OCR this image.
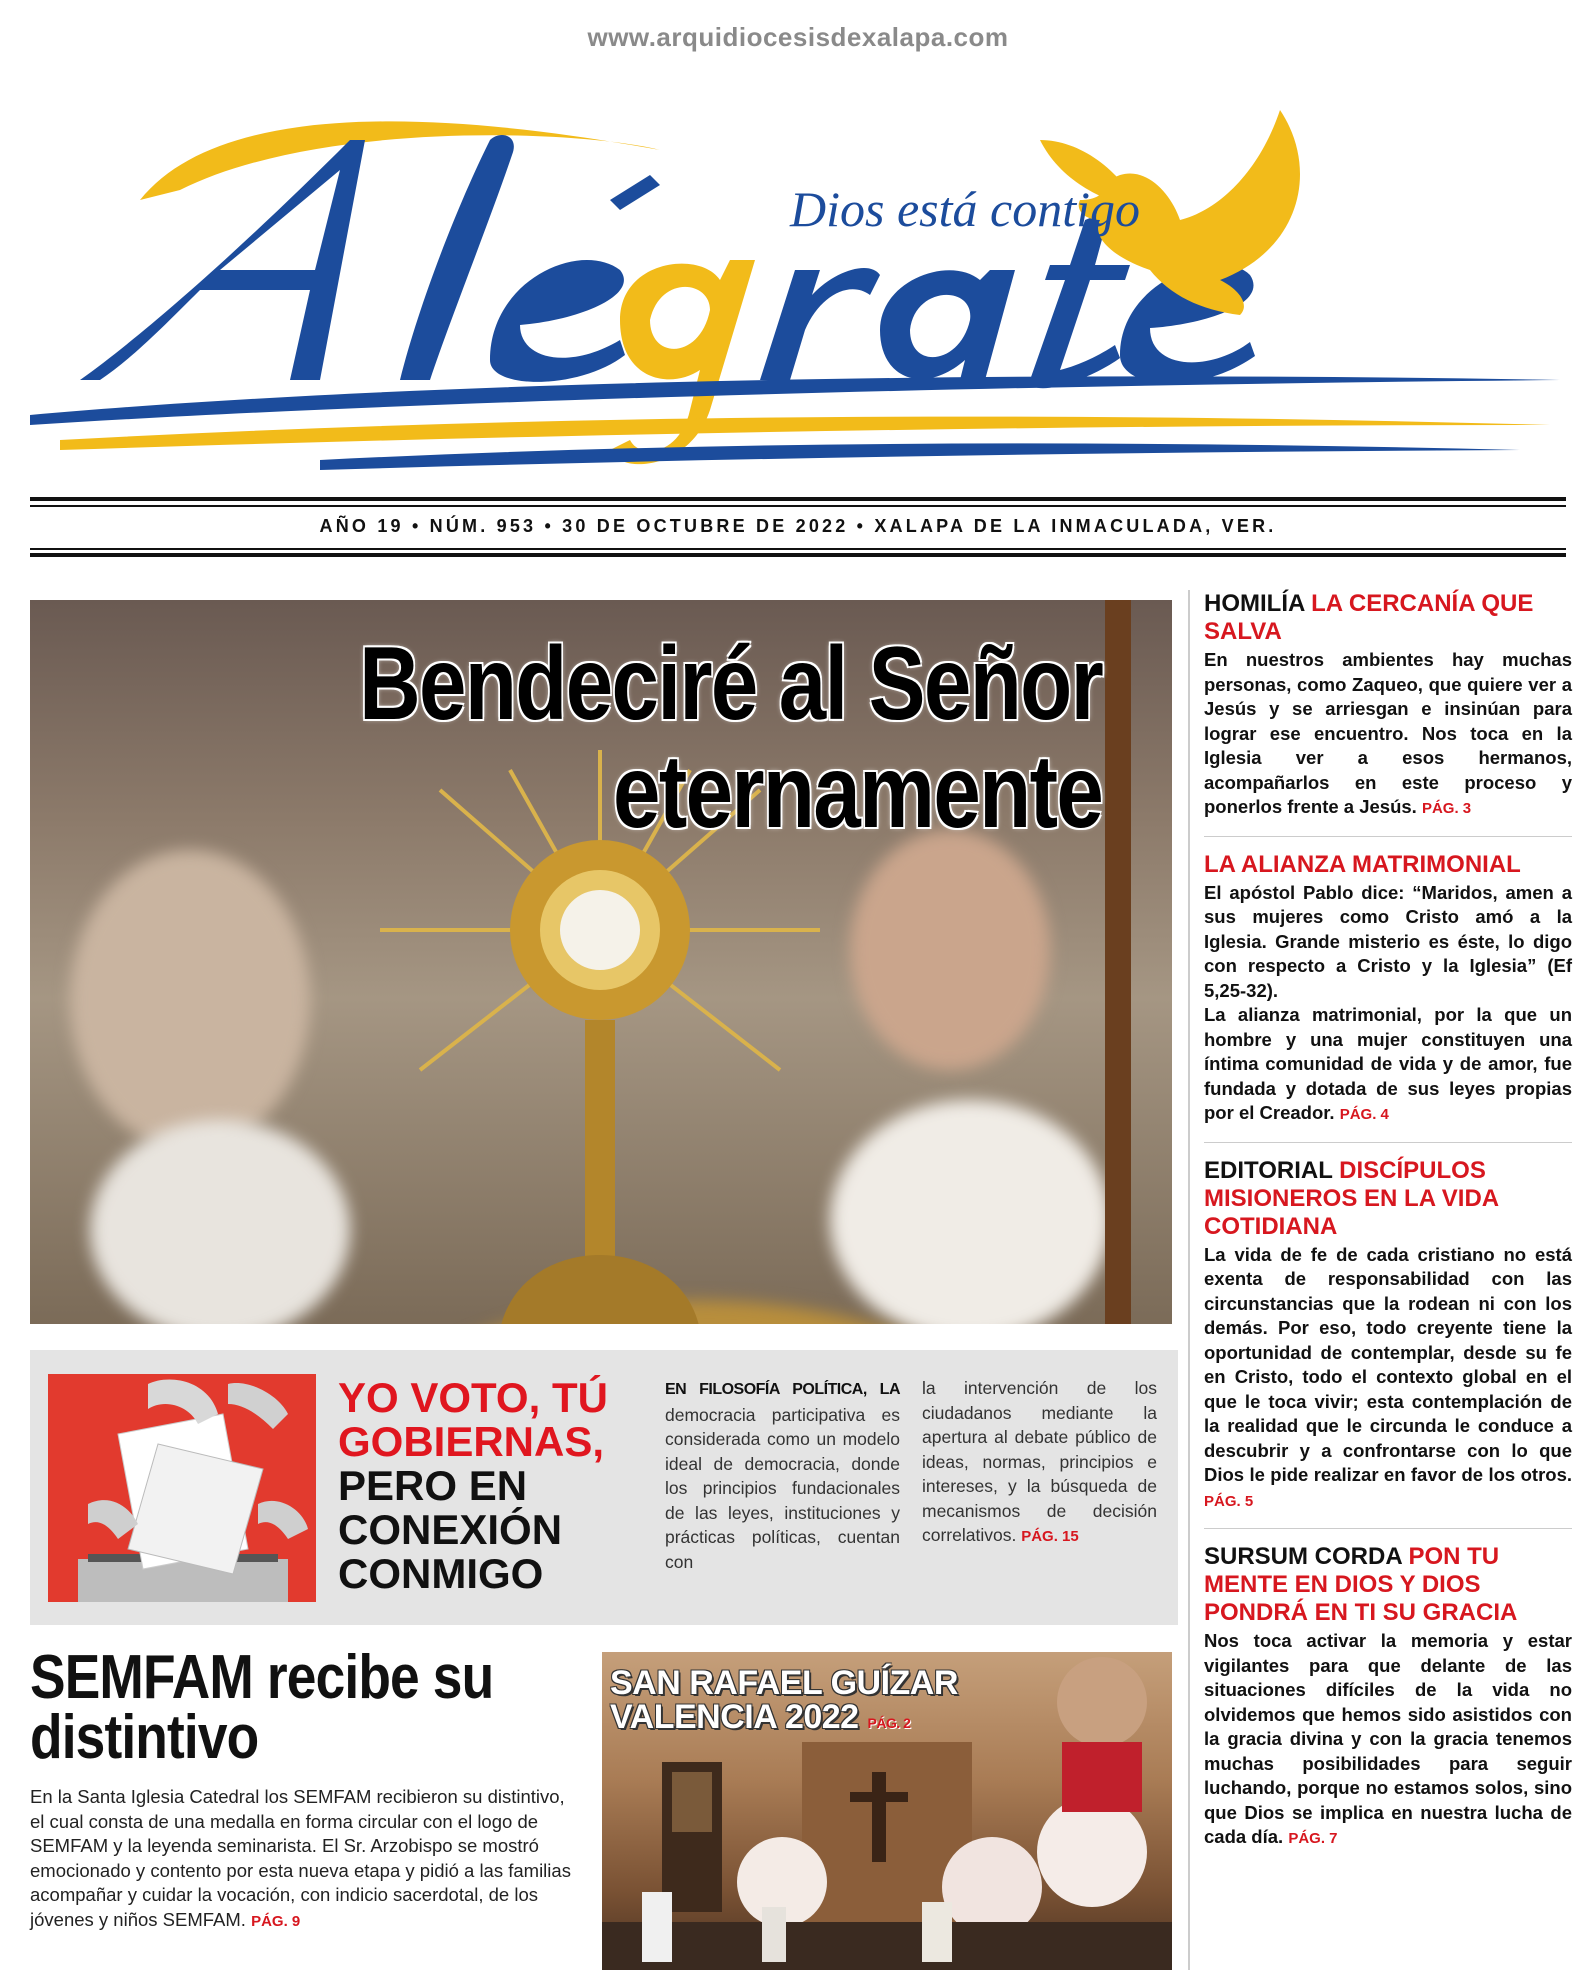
www.arquidiocesisdexalapa.com
Dios está contigo
AÑO 19 • NÚM. 953 • 30 DE OCTUBRE DE 2022 • XALAPA DE LA INMACULADA, VER.
Bendeciré al Señor
eternamente
HOMILÍA LA CERCANÍA QUE SALVA
En nuestros ambientes hay muchas personas, como Zaqueo, que quiere ver a Jesús y se arriesgan e insinúan para lograr ese encuentro. Nos toca en la Iglesia ver a esos hermanos, acompañarlos en este proceso y ponerlos frente a Jesús. PÁG. 3
LA ALIANZA MATRIMONIAL
El apóstol Pablo dice: “Maridos, amen a sus mujeres como Cristo amó a la Iglesia. Grande misterio es éste, lo digo con respecto a Cristo y la Iglesia” (Ef 5,25-32).
La alianza matrimonial, por la que un hombre y una mujer constituyen una íntima comunidad de vida y de amor, fue fundada y dotada de sus leyes propias por el Creador. PÁG. 4
EDITORIAL DISCÍPULOS MISIONEROS EN LA VIDA COTIDIANA
La vida de fe de cada cristiano no está exenta de responsabilidad con las circunstancias que la rodean ni con los demás. Por eso, todo creyente tiene la oportunidad de contemplar, desde su fe en Cristo, todo el contexto global en el que le toca vivir; esta contemplación de la realidad que le circunda le conduce a descubrir y a confrontarse con lo que Dios le pide realizar en favor de los otros. PÁG. 5
SURSUM CORDA PON TU MENTE EN DIOS Y DIOS PONDRÁ EN TI SU GRACIA
Nos toca activar la memoria y estar vigilantes para que delante de las situaciones difíciles de la vida no olvidemos que hemos sido asistidos con la gracia divina y con la gracia tenemos muchas posibilidades para seguir luchando, porque no estamos solos, sino que Dios se implica en nuestra lucha de cada día. PÁG. 7
YO VOTO, TÚ GOBIERNAS,
PERO EN CONEXIÓN CONMIGO
EN FILOSOFÍA POLÍTICA, LA democracia participativa es considerada como un modelo ideal de democracia, donde los principios fundacionales de las leyes, instituciones y prácticas políticas, cuentan con
la intervención de los ciudadanos mediante la apertura al debate público de ideas, normas, principios e intereses, y la búsqueda de mecanismos de decisión correlativos. PÁG. 15
SEMFAM recibe su distintivo
En la Santa Iglesia Catedral los SEMFAM recibieron su distintivo, el cual consta de una medalla en forma circular con el logo de SEMFAM y la leyenda seminarista. El Sr. Arzobispo se mostró emocionado y contento por esta nueva etapa y pidió a las familias acompañar y cuidar la vocación, con indicio sacerdotal, de los jóvenes y niños SEMFAM. PÁG. 9
SAN RAFAEL GUÍZAR
VALENCIA 2022 PÁG. 2
